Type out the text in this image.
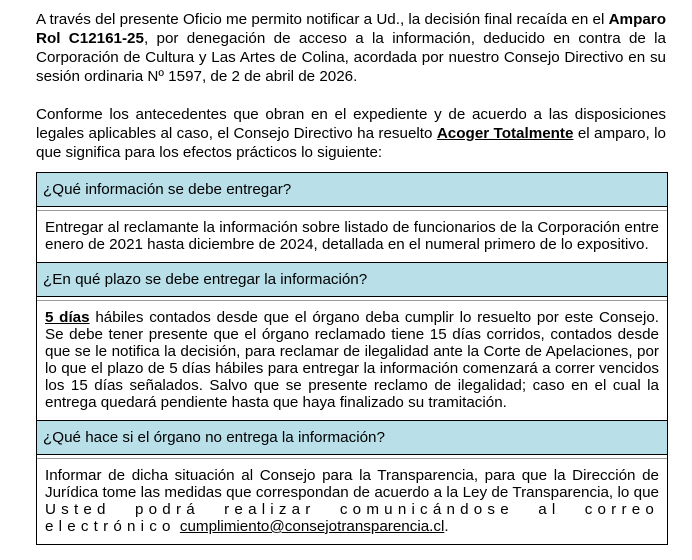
A través del presente Oficio me permito notificar a Ud., la decisión final recaída en el Amparo Rol C12161-25, por denegación de acceso a la información, deducido en contra de la Corporación de Cultura y Las Artes de Colina, acordada por nuestro Consejo Directivo en su sesión ordinaria Nº 1597, de 2 de abril de 2026.

Conforme los antecedentes que obran en el expediente y de acuerdo a las disposiciones legales aplicables al caso, el Consejo Directivo ha resuelto Acoger Totalmente el amparo, lo que significa para los efectos prácticos lo siguiente:

¿Qué información se debe entregar?
Entregar al reclamante la información sobre listado de funcionarios de la Corporación entre enero de 2021 hasta diciembre de 2024, detallada en el numeral primero de lo expositivo.
¿En qué plazo se debe entregar la información?
5 días hábiles contados desde que el órgano deba cumplir lo resuelto por este Consejo. Se debe tener presente que el órgano reclamado tiene 15 días corridos, contados desde que se le notifica la decisión, para reclamar de ilegalidad ante la Corte de Apelaciones, por lo que el plazo de 5 días hábiles para entregar la información comenzará a correr vencidos los 15 días señalados. Salvo que se presente reclamo de ilegalidad; caso en el cual la entrega quedará pendiente hasta que haya finalizado su tramitación.
¿Qué hace si el órgano no entrega la información?
Informar de dicha situación al Consejo para la Transparencia, para que la Dirección de Jurídica tome las medidas que correspondan de acuerdo a la Ley de Transparencia, lo que Usted podrá realizar comunicándose al correo electrónico cumplimiento@consejotransparencia.cl.
